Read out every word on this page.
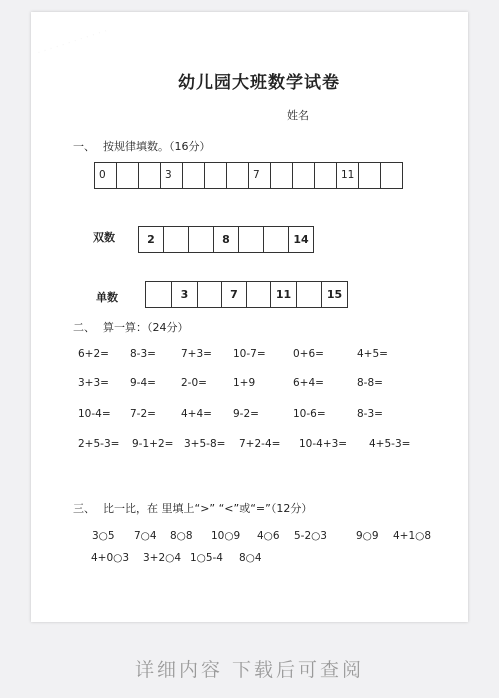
幼儿园大班数学试卷
姓名
一、 按规律填数。（16分）
0	3	7	11
双数	2	8	14
单数	3	7	11	15
二、 算一算：（24分）
6+2= 8-3= 7+3= 10-7=	0+6=	4+5=
3+3= 9-4= 2-0= 1+9	6+4=	8-8=
10-4= 7-2= 4+4= 9-2=	10-6=	8-3=
2+5-3= 9-1+2= 3+5-8= 7+2-4= 10-4+3= 4+5-3=
三、 比一比，在 里填上“>” “<”或“=”（12分）
3○5 7○4 8○8 10○9 4○6 5-2○3	9○9 4+1○8
4+0○3 3+2○4 1○5-4 8○4
详细内容 下载后可查阅
